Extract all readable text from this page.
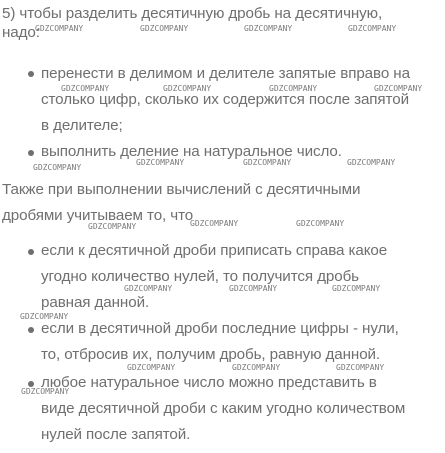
5) чтобы разделить десятичную дробь на десятичную,
надо:
перенести в делимом и делителе запятые вправо на
столько цифр, сколько их содержится после запятой
в делителе;
выполнить деление на натуральное число.
Также при выполнении вычислений с десятичными
дробями учитываем то, что
если к десятичной дроби приписать справа какое
угодно количество нулей, то получится дробь
равная данной.
если в десятичной дроби последние цифры - нули,
то, отбросив их, получим дробь, равную данной.
любое натуральное число можно представить в
виде десятичной дроби с каким угодно количеством
нулей после запятой.
GDZCOMPANY	GDZCOMPANY	GDZCOMPANY	GDZCOMPANY
GDZCOMPANY	GDZCOMPANY	GDZCOMPANY	GDZCOMPANY
GDZCOMPANY
GDZCOMPANY	GDZCOMPANY	GDZCOMPANY
GDZCOMPANY	GDZCOMPANY	GDZCOMPANY
GDZCOMPANY	GDZCOMPANY	GDZCOMPANY
GDZCOMPANY
GDZCOMPANY	GDZCOMPANY	GDZCOMPANY
GDZCOMPANY
